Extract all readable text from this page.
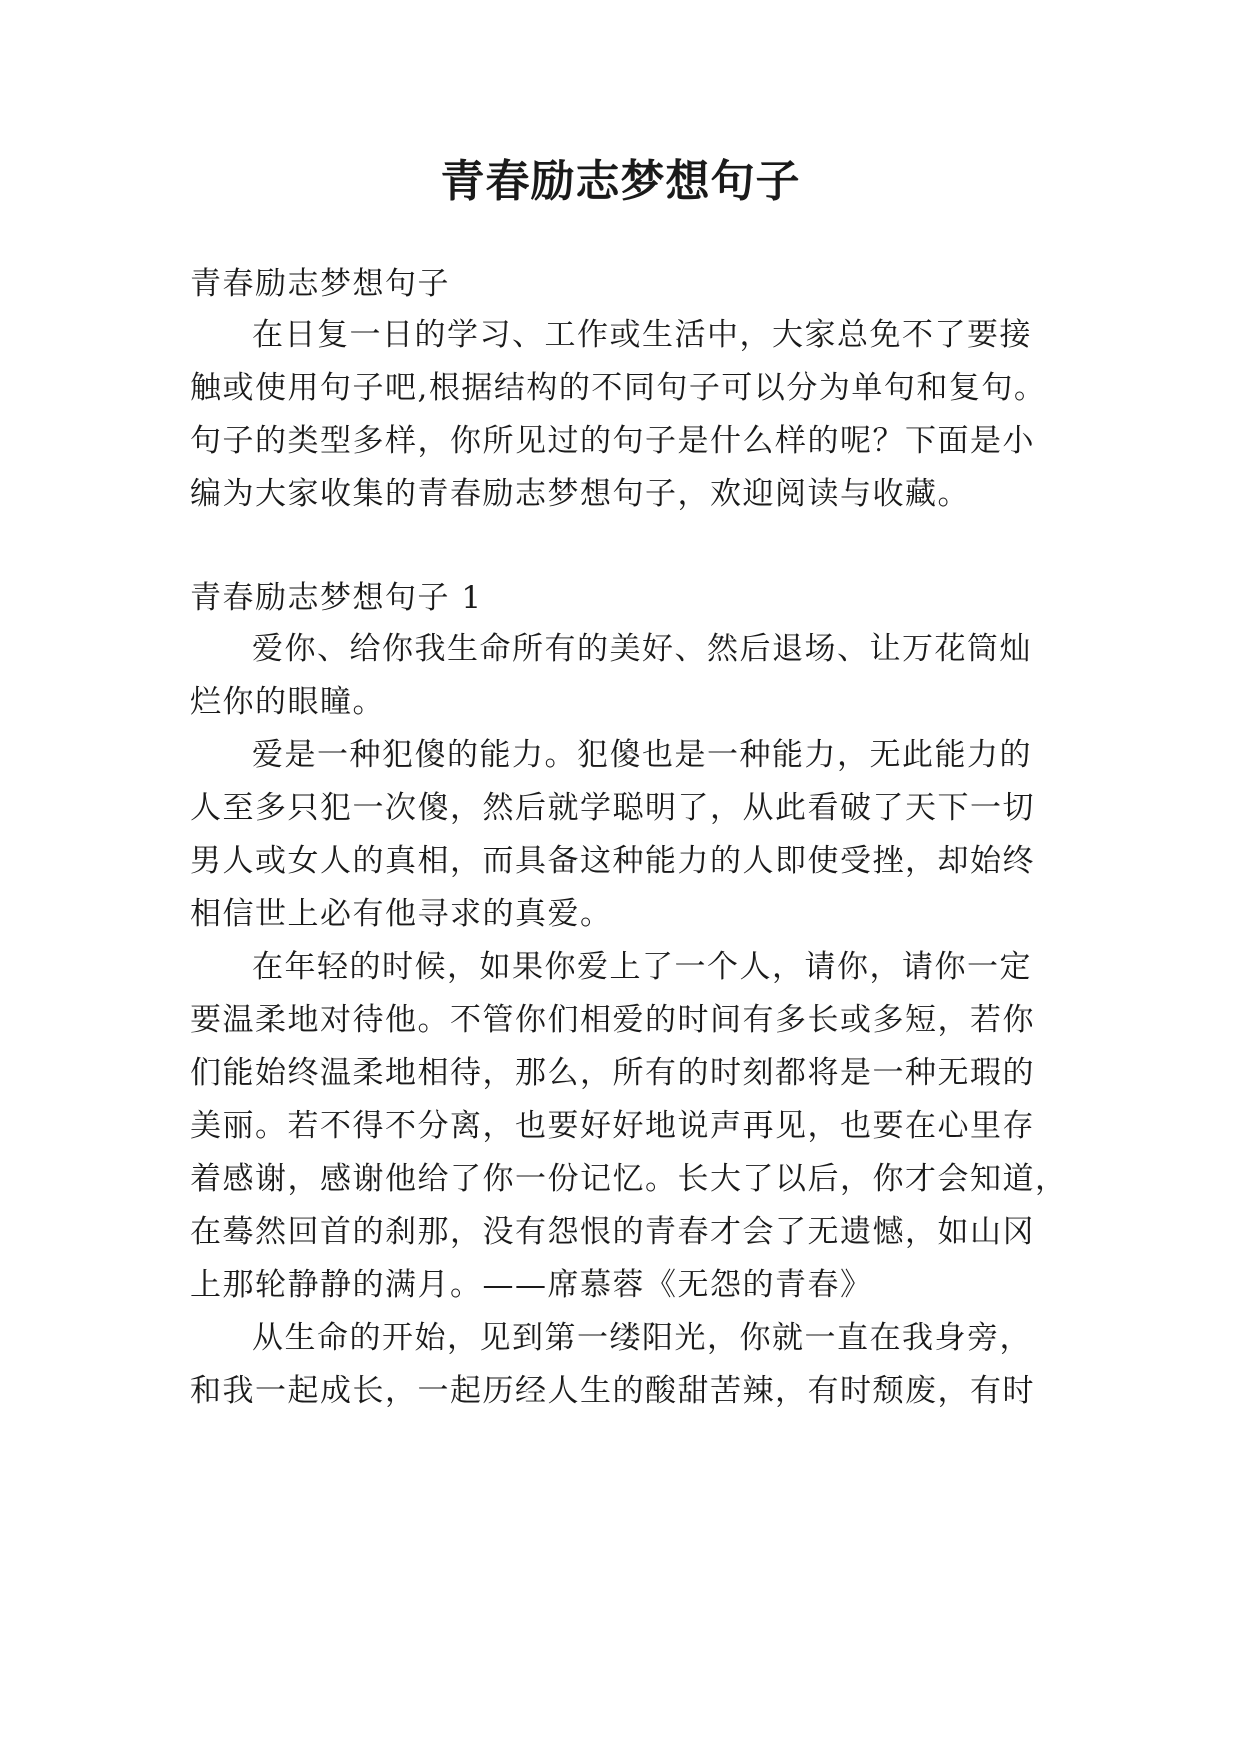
青春励志梦想句子

青春励志梦想句子

在日复一日的学习、工作或生活中，大家总免不了要接

触或使用句子吧,根据结构的不同句子可以分为单句和复句。

句子的类型多样，你所见过的句子是什么样的呢？下面是小

编为大家收集的青春励志梦想句子，欢迎阅读与收藏。

青春励志梦想句子 1

爱你、给你我生命所有的美好、然后退场、让万花筒灿

烂你的眼瞳。

爱是一种犯傻的能力。犯傻也是一种能力，无此能力的

人至多只犯一次傻，然后就学聪明了，从此看破了天下一切

男人或女人的真相，而具备这种能力的人即使受挫，却始终

相信世上必有他寻求的真爱。

在年轻的时候，如果你爱上了一个人，请你，请你一定

要温柔地对待他。不管你们相爱的时间有多长或多短，若你

们能始终温柔地相待，那么，所有的时刻都将是一种无瑕的

美丽。若不得不分离，也要好好地说声再见，也要在心里存

着感谢，感谢他给了你一份记忆。长大了以后，你才会知道，

在蓦然回首的刹那，没有怨恨的青春才会了无遗憾，如山冈

上那轮静静的满月。——席慕蓉《无怨的青春》

从生命的开始，见到第一缕阳光，你就一直在我身旁，

和我一起成长，一起历经人生的酸甜苦辣，有时颓废，有时
